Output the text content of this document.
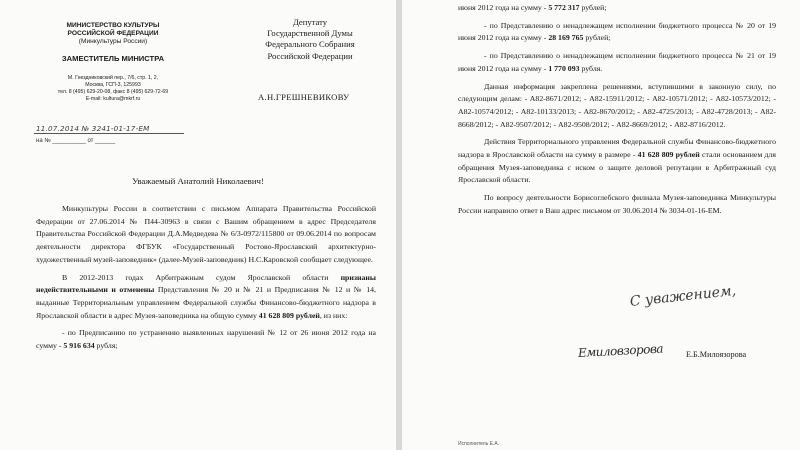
МИНИСТЕРСТВО КУЛЬТУРЫ
РОССИЙСКОЙ ФЕДЕРАЦИИ
(Минкультуры России)
ЗАМЕСТИТЕЛЬ МИНИСТРА
М. Гнездниковский пер., 7/6, стр. 1, 2,
Москва, ГСП-3, 125993
тел. 8 (495) 629-20-08, факс 8 (495) 629-72-69
E-mail: kultura@mkrf.ru
Депутату
Государственной Думы
Федерального Собрания
Российской Федерации
А.Н.ГРЕШНЕВИКОВУ
11.07.2014 № 3241-01-17-ЕМ
на № __________ от ______
Уважаемый Анатолий Николаевич!

Минкультуры России в соответствии с письмом Аппарата Правительства Российской Федерации от 27.06.2014 № П44-30963 в связи с Вашим обращением в адрес Председателя Правительства Российской Федерации Д.А.Медведева № 6/3-0972/115800 от 09.06.2014 по вопросам деятельности директора ФГБУК «Государственный Ростово-Ярославский архитектурно-художественный музей-заповедник» (далее-Музей-заповедник) Н.С.Каровской сообщает следующее.

В 2012-2013 годах Арбитражным судом Ярославской области признаны недействительными и отменены Представления № 20 и № 21 и Предписания № 12 и № 14, выданные Территориальным управлением Федеральной службы Финансово-бюджетного надзора в Ярославской области в адрес Музея-заповедника на общую сумму 41 628 809 рублей, из них:

- по Предписанию по устранению выявленных нарушений № 12 от 26 июня 2012 года на сумму - 5 916 634 рубля;

июня 2012 года на сумму - 5 772 317 рублей;

- по Представлению о ненадлежащем исполнении бюджетного процесса № 20 от 19 июня 2012 года на сумму - 28 169 765 рублей;

- по Представлению о ненадлежащем исполнении бюджетного процесса № 21 от 19 июня 2012 года на сумму - 1 770 093 рубля.

Данная информация закреплена решениями, вступившими в законную силу, по следующим делам: - А82-8671/2012; - А82-15911/2012; - А82-10571/2012; - А82-10573/2012; - А82-10574/2012; - А82-10133/2013; - А82-8670/2012; - А82-4725/2013; - А82-4728/2013; - А82-8668/2012; - А82-9507/2012; - А82-9508/2012; - А82-8669/2012; - А82-8716/2012.

Действия Территориального управления Федеральной службы Финансово-бюджетного надзора в Ярославской области на сумму в размере - 41 628 809 рублей стали основанием для обращения Музея-заповедника с иском о защите деловой репутации в Арбитражный суд Ярославской области.

По вопросу деятельности Борисоглебского филиала Музея-заповедника Минкультуры России направило ответ в Ваш адрес письмом от 30.06.2014 № 3034-01-16-ЕМ.

С уважением,
Емиловзорова	Е.Б.Милоязорова
Исполнитель Е.А.
